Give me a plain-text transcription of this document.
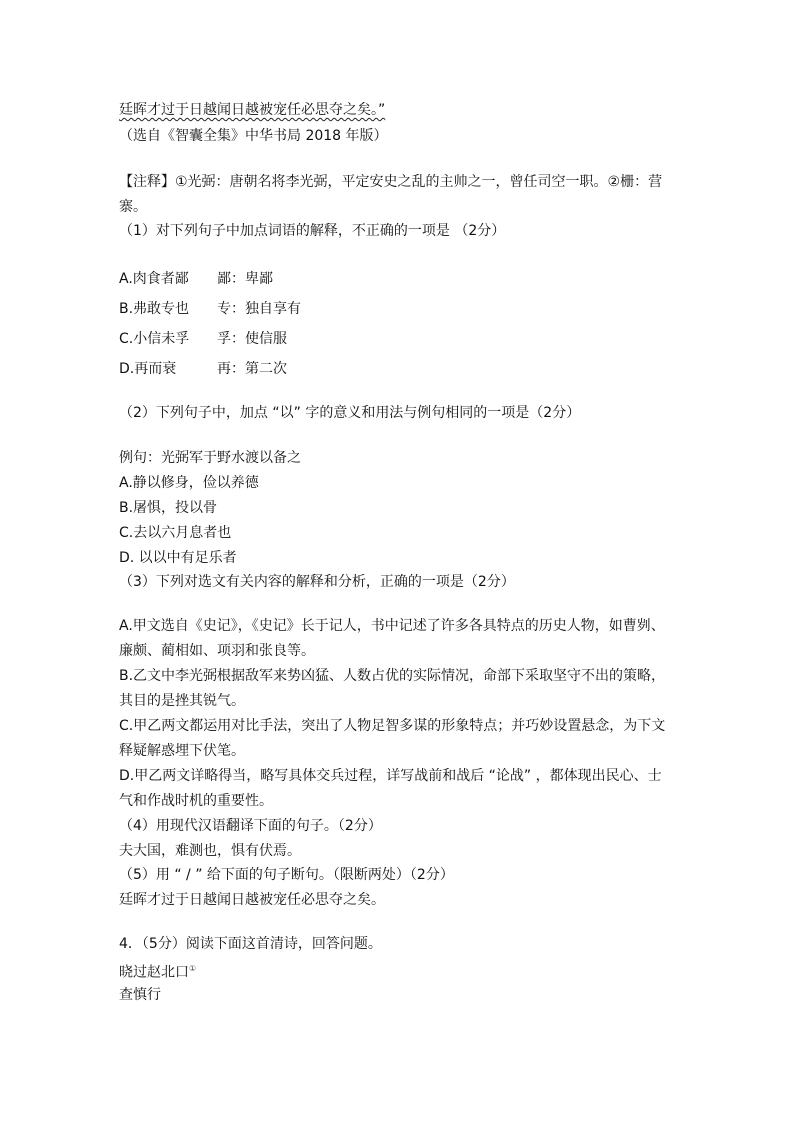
廷晖才过于日越闻日越被宠任必思夺之矣。”

（选自《智囊全集》中华书局 2018 年版）

【注释】①光弼：唐朝名将李光弼，平定安史之乱的主帅之一，曾任司空一职。②栅：营

寨。

（1）对下列句子中加点词语的解释，不正确的一项是 （2分）

A.肉食者鄙 鄙：卑鄙

B.弗敢专也 专：独自享有

C.小信未孚 孚：使信服

D.再而衰	再：第二次

（2）下列句子中，加点 “以” 字的意义和用法与例句相同的一项是（2分）

例句：光弼军于野水渡以备之

A.静以修身，俭以养德

B.屠惧，投以骨

C.去以六月息者也

D. 以以中有足乐者

（3）下列对选文有关内容的解释和分析，正确的一项是（2分）

A.甲文选自《史记》，《史记》长于记人，书中记述了许多各具特点的历史人物，如曹刿、

廉颇、蔺相如、项羽和张良等。

B.乙文中李光弼根据敌军来势凶猛、人数占优的实际情况，命部下采取坚守不出的策略，

其目的是挫其锐气。

C.甲乙两文都运用对比手法，突出了人物足智多谋的形象特点；并巧妙设置悬念，为下文

释疑解惑埋下伏笔。

D.甲乙两文详略得当，略写具体交兵过程，详写战前和战后 “论战” ，都体现出民心、士

气和作战时机的重要性。

（4）用现代汉语翻译下面的句子。（2分）

夫大国，难测也，惧有伏焉。

（5）用 “ / ” 给下面的句子断句。（限断两处）（2分）

廷晖才过于日越闻日越被宠任必思夺之矣。

4．（5分）阅读下面这首清诗，回答问题。

晓过赵北口①

查慎行
